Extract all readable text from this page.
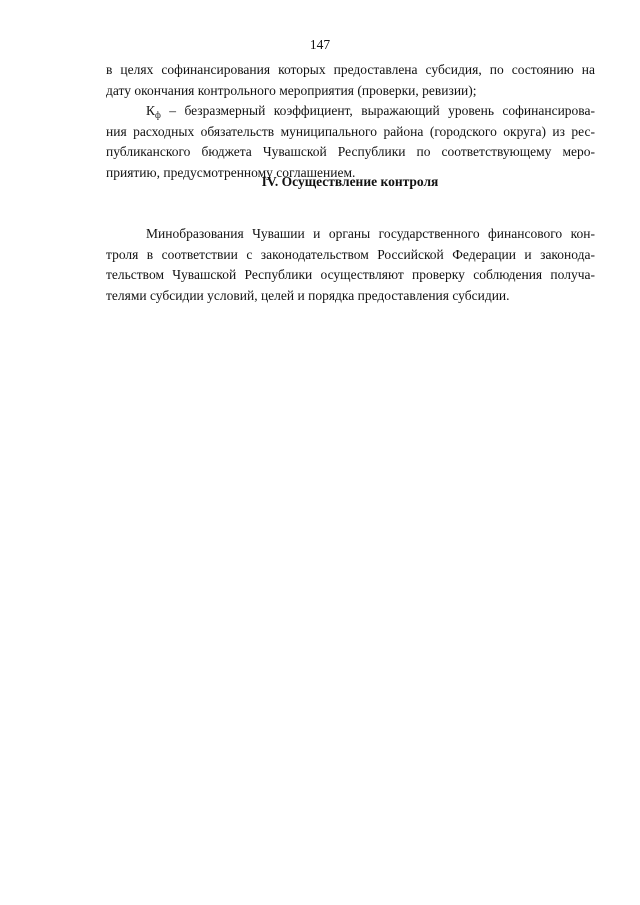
147
в целях софинансирования которых предоставлена субсидия, по состоянию на
дату окончания контрольного мероприятия (проверки, ревизии);
$К_ф$ – безразмерный коэффициент, выражающий уровень софинансирова-
ния расходных обязательств муниципального района (городского округа) из рес-
публиканского бюджета Чувашской Республики по соответствующему меро-
приятию, предусмотренному соглашением.
IV. Осуществление контроля
Минобразования Чувашии и органы государственного финансового кон-
троля в соответствии с законодательством Российской Федерации и законода-
тельством Чувашской Республики осуществляют проверку соблюдения получа-
телями субсидии условий, целей и порядка предоставления субсидии.
